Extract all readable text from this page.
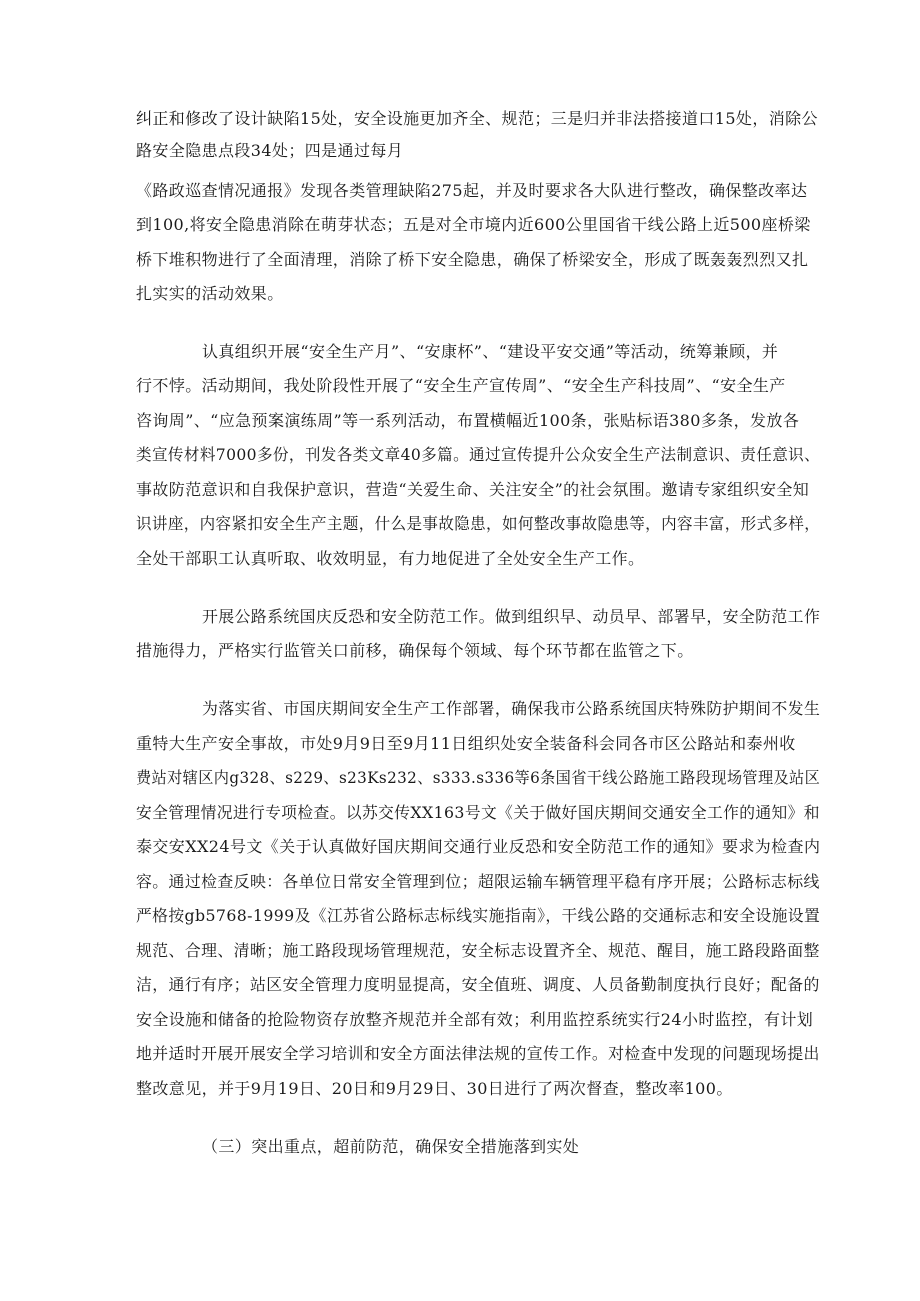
纠正和修改了设计缺陷15处，安全设施更加齐全、规范；三是归并非法搭接道口15处，消除公
路安全隐患点段34处；四是通过每月
《路政巡查情况通报》发现各类管理缺陷275起，并及时要求各大队进行整改，确保整改率达
到100,将安全隐患消除在萌芽状态；五是对全市境内近600公里国省干线公路上近500座桥梁
桥下堆积物进行了全面清理，消除了桥下安全隐患，确保了桥梁安全，形成了既轰轰烈烈又扎
扎实实的活动效果。
认真组织开展“安全生产月”、“安康杯”、“建设平安交通”等活动，统筹兼顾，并
行不悖。活动期间，我处阶段性开展了“安全生产宣传周”、“安全生产科技周”、“安全生产
咨询周”、“应急预案演练周”等一系列活动，布置横幅近100条，张贴标语380多条，发放各
类宣传材料7000多份，刊发各类文章40多篇。通过宣传提升公众安全生产法制意识、责任意识、
事故防范意识和自我保护意识，营造“关爱生命、关注安全”的社会氛围。邀请专家组织安全知
识讲座，内容紧扣安全生产主题，什么是事故隐患，如何整改事故隐患等，内容丰富，形式多样，
全处干部职工认真听取、收效明显，有力地促进了全处安全生产工作。
开展公路系统国庆反恐和安全防范工作。做到组织早、动员早、部署早，安全防范工作
措施得力，严格实行监管关口前移，确保每个领域、每个环节都在监管之下。
为落实省、市国庆期间安全生产工作部署，确保我市公路系统国庆特殊防护期间不发生
重特大生产安全事故，市处9月9日至9月11日组织处安全装备科会同各市区公路站和泰州收
费站对辖区内g328、s229、s23Ks232、s333.s336等6条国省干线公路施工路段现场管理及站区
安全管理情况进行专项检查。以苏交传XX163号文《关于做好国庆期间交通安全工作的通知》和
泰交安XX24号文《关于认真做好国庆期间交通行业反恐和安全防范工作的通知》要求为检查内
容。通过检查反映：各单位日常安全管理到位；超限运输车辆管理平稳有序开展；公路标志标线
严格按gb5768-1999及《江苏省公路标志标线实施指南》，干线公路的交通标志和安全设施设置
规范、合理、清晰；施工路段现场管理规范，安全标志设置齐全、规范、醒目，施工路段路面整
洁，通行有序；站区安全管理力度明显提高，安全值班、调度、人员备勤制度执行良好；配备的
安全设施和储备的抢险物资存放整齐规范并全部有效；利用监控系统实行24小时监控，有计划
地并适时开展开展安全学习培训和安全方面法律法规的宣传工作。对检查中发现的问题现场提出
整改意见，并于9月19日、20日和9月29日、30日进行了两次督查，整改率100。
（三）突出重点，超前防范，确保安全措施落到实处
